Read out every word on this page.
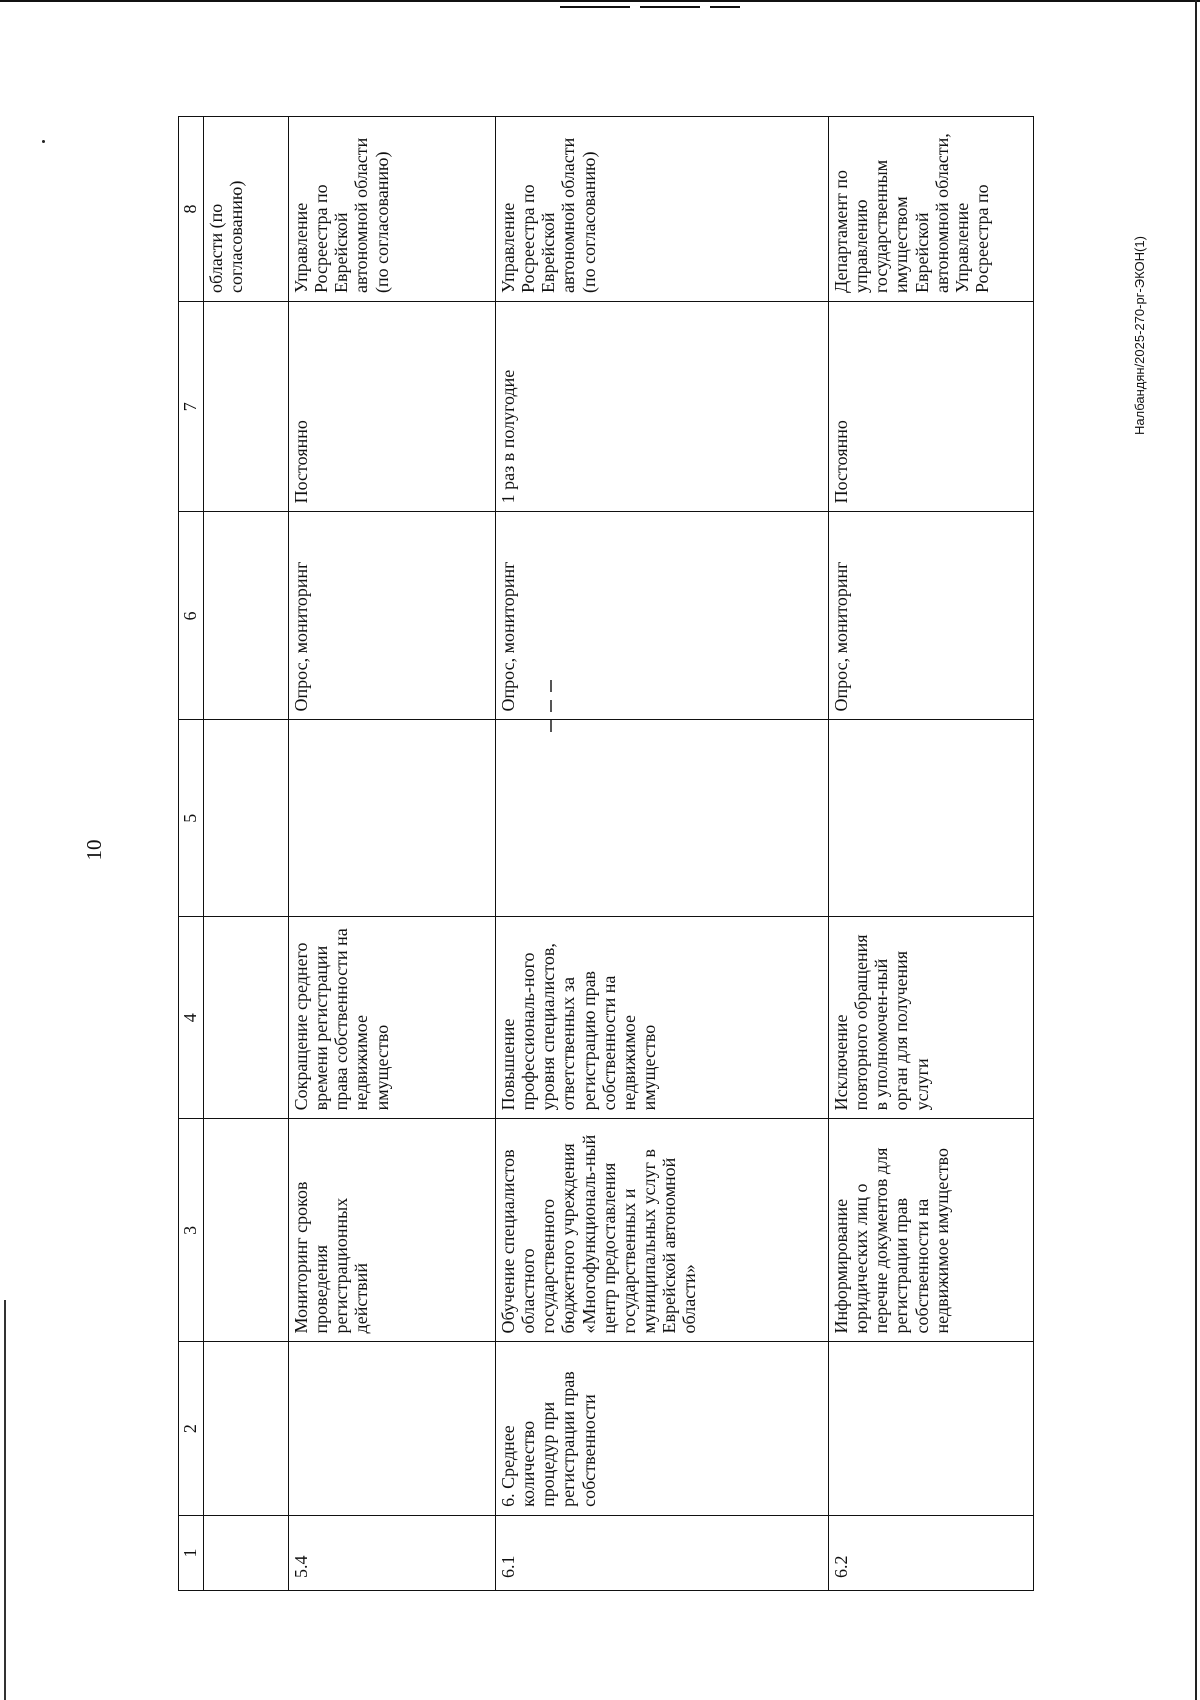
10
1	2	3	4	5	6	7	8
							области (по согласованию)
5.4		Мониторинг сроков проведения регистрационных действий	Сокращение среднего времени регистрации права собственности на недвижимое имущество		Опрос, мониторинг	Постоянно	Управление Росреестра по Еврейской автономной области (по согласованию)
6.1	6. Среднее количество процедур при регистрации прав собственности	Обучение специалистов областного государственного бюджетного учреждения «Многофункциональ-ный центр предоставления государственных и муниципальных услуг в Еврейской автономной области»	Повышение профессиональ-ного уровня специалистов, ответственных за регистрацию прав собственности на недвижимое имущество		Опрос, мониторинг	1 раз в полугодие	Управление Росреестра по Еврейской автономной области (по согласованию)
6.2		Информирование юридических лиц о перечне документов для регистрации прав собственности на недвижимое имущество	Исключение повторного обращения в уполномочен-ный орган для получения услуги		Опрос, мониторинг	Постоянно	Департамент по управлению государственным имуществом Еврейской автономной области, Управление Росреестра по	Налбандян/2025-270-рг-ЭКОН(1)
